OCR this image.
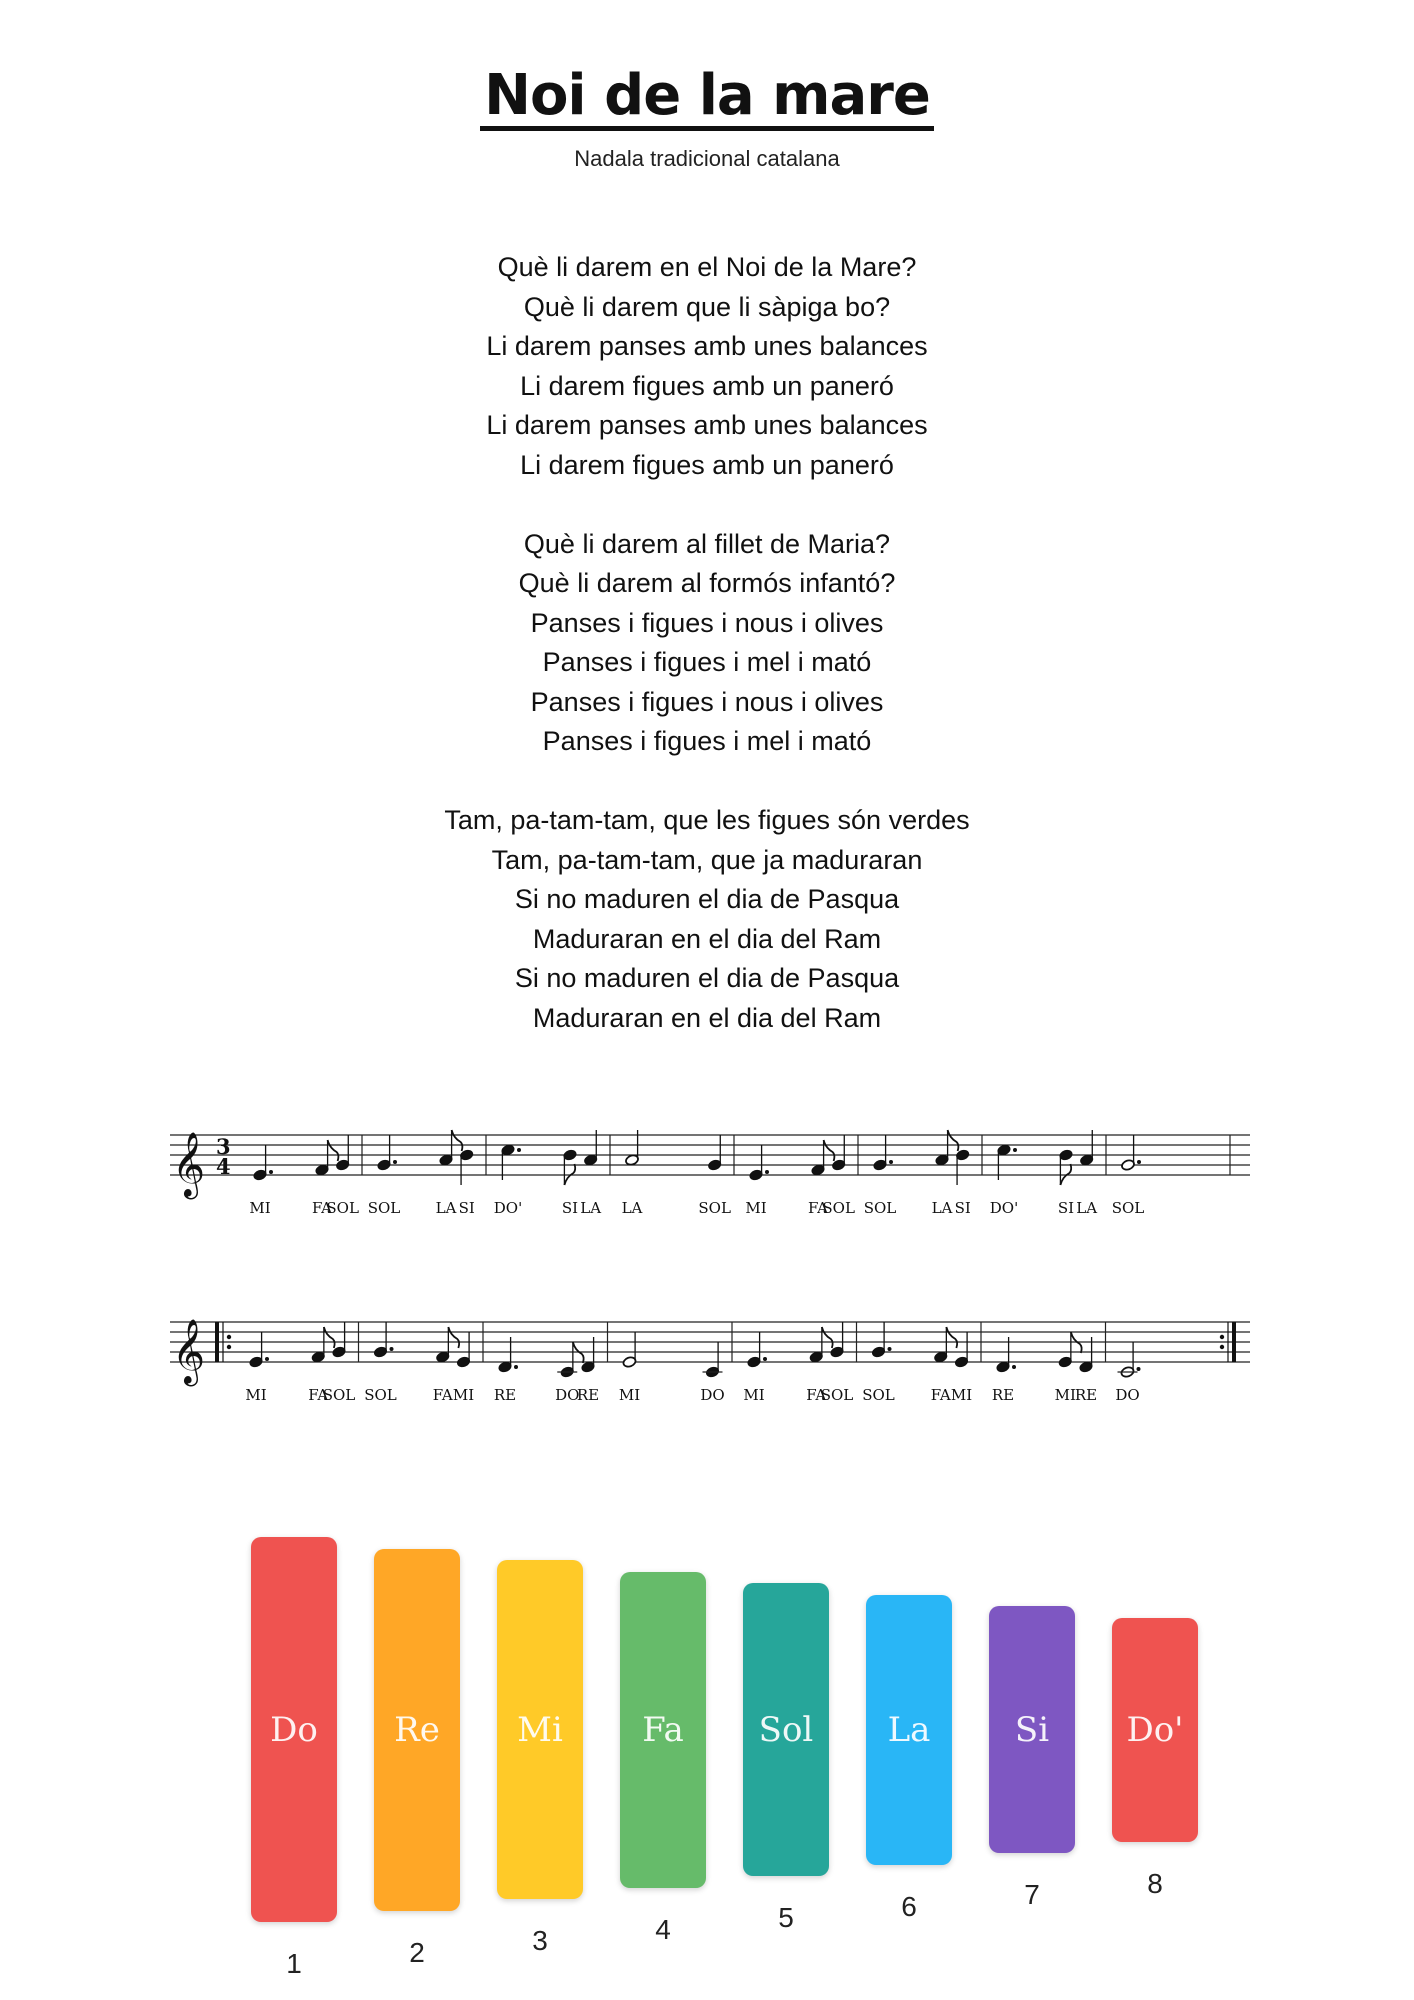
Noi de la mare
Nadala tradicional catalana
Què li darem en el Noi de la Mare?
Què li darem que li sàpiga bo?
Li darem panses amb unes balances
Li darem figues amb un paneró
Li darem panses amb unes balances
Li darem figues amb un paneró
Què li darem al fillet de Maria?
Què li darem al formós infantó?
Panses i figues i nous i olives
Panses i figues i mel i mató
Panses i figues i nous i olives
Panses i figues i mel i mató
Tam, pa-tam-tam, que les figues són verdes
Tam, pa-tam-tam, que ja maduraran
Si no maduren el dia de Pasqua
Maduraran en el dia del Ram
Si no maduren el dia de Pasqua
Maduraran en el dia del Ram
𝄞 3
4
MI	FA
SOL SOL LA SI DO'	SI LA LA	SOL MI	FA
SOL SOL LA SI DO'	SI LA SOL
𝄞
MI	FA
SOL SOL FA MI RE	DO
RE MI	DO MI	FA
SOL SOL FA MI RE	MI
RE DO
Do
1
Re
2
Mi
3
Fa
4
Sol
5
La
6
Si
7
Do'
8
